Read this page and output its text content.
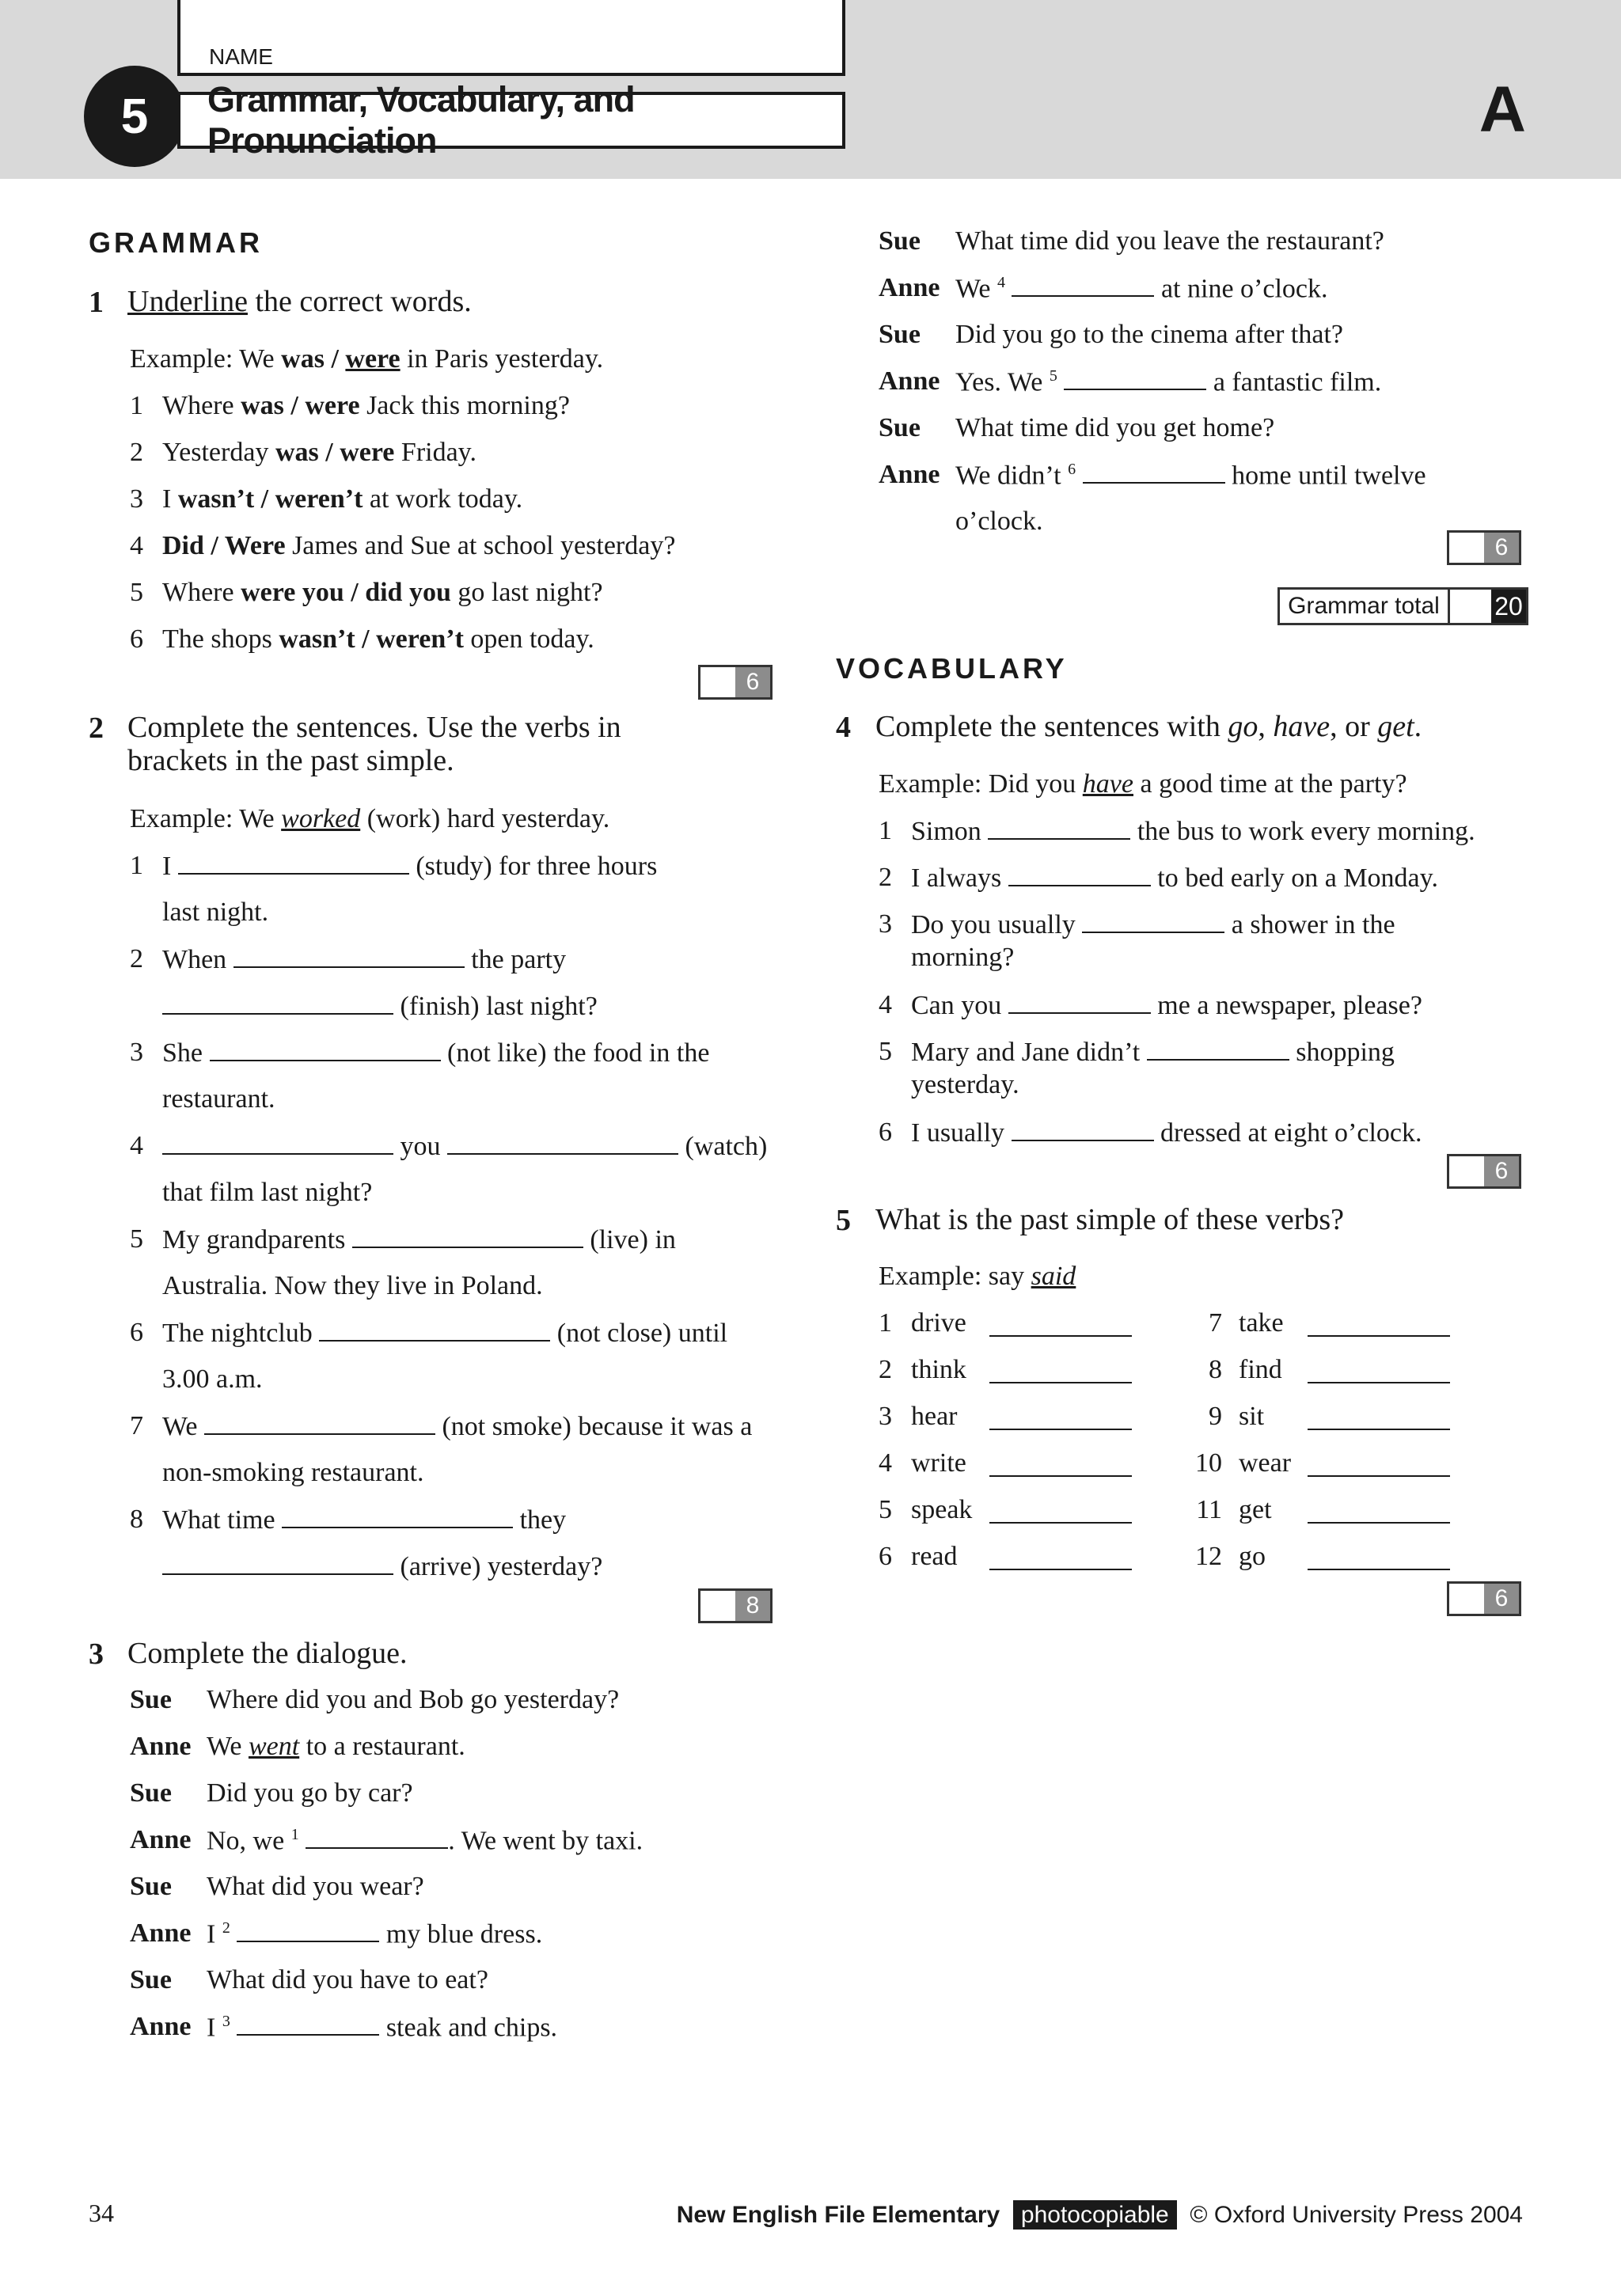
NAME
5	Grammar, Vocabulary, and Pronunciation	A
GRAMMAR
1 Underline the correct words.
Example: We was / were in Paris yesterday.
1 Where was / were Jack this morning?
2 Yesterday was / were Friday.
3 I wasn’t / weren’t at work today.
4 Did / Were James and Sue at school yesterday?
5 Where were you / did you go last night?
6 The shops wasn’t / weren’t open today.
6
2 Complete the sentences. Use the verbs in
brackets in the past simple.
Example: We worked (work) hard yesterday.
1 I	(study) for three hours
last night.
2 When	the party
(finish) last night?
3 She	(not like) the food in the
restaurant.
4	you	(watch)
that film last night?
5 My grandparents	(live) in
Australia. Now they live in Poland.
6 The nightclub	(not close) until
3.00 a.m.
7 We	(not smoke) because it was a
non-smoking restaurant.
8 What time	they
(arrive) yesterday?
8
3 Complete the dialogue.
Sue Where did you and Bob go yesterday?
Anne We went to a restaurant.
Sue Did you go by car?
Anne No, we $^1$	. We went by taxi.
Sue What did you wear?
Anne I $^2$	my blue dress.
Sue What did you have to eat?
Anne I $^3$	steak and chips.
Sue What time did you leave the restaurant?
Anne We $^4$	at nine o’clock.
Sue Did you go to the cinema after that?
Anne Yes. We $^5$	a fantastic film.
Sue What time did you get home?
Anne We didn’t $^6$	home until twelve
o’clock.
6
Grammar total	20
VOCABULARY
4 Complete the sentences with go, have, or get.
Example: Did you have a good time at the party?
1 Simon	the bus to work every morning.
2 I always	to bed early on a Monday.
3 Do you usually	a shower in the
morning?
4 Can you	me a newspaper, please?
5 Mary and Jane didn’t	shopping
yesterday.
6 I usually	dressed at eight o’clock.
6
5 What is the past simple of these verbs?
Example: say said
1 drive
2 think
3 hear
4 write
5 speak
6 read
7 take
8 find
9 sit
10 wear
11 get
12 go
6
34	New English File Elementary photocopiable © Oxford University Press 2004
